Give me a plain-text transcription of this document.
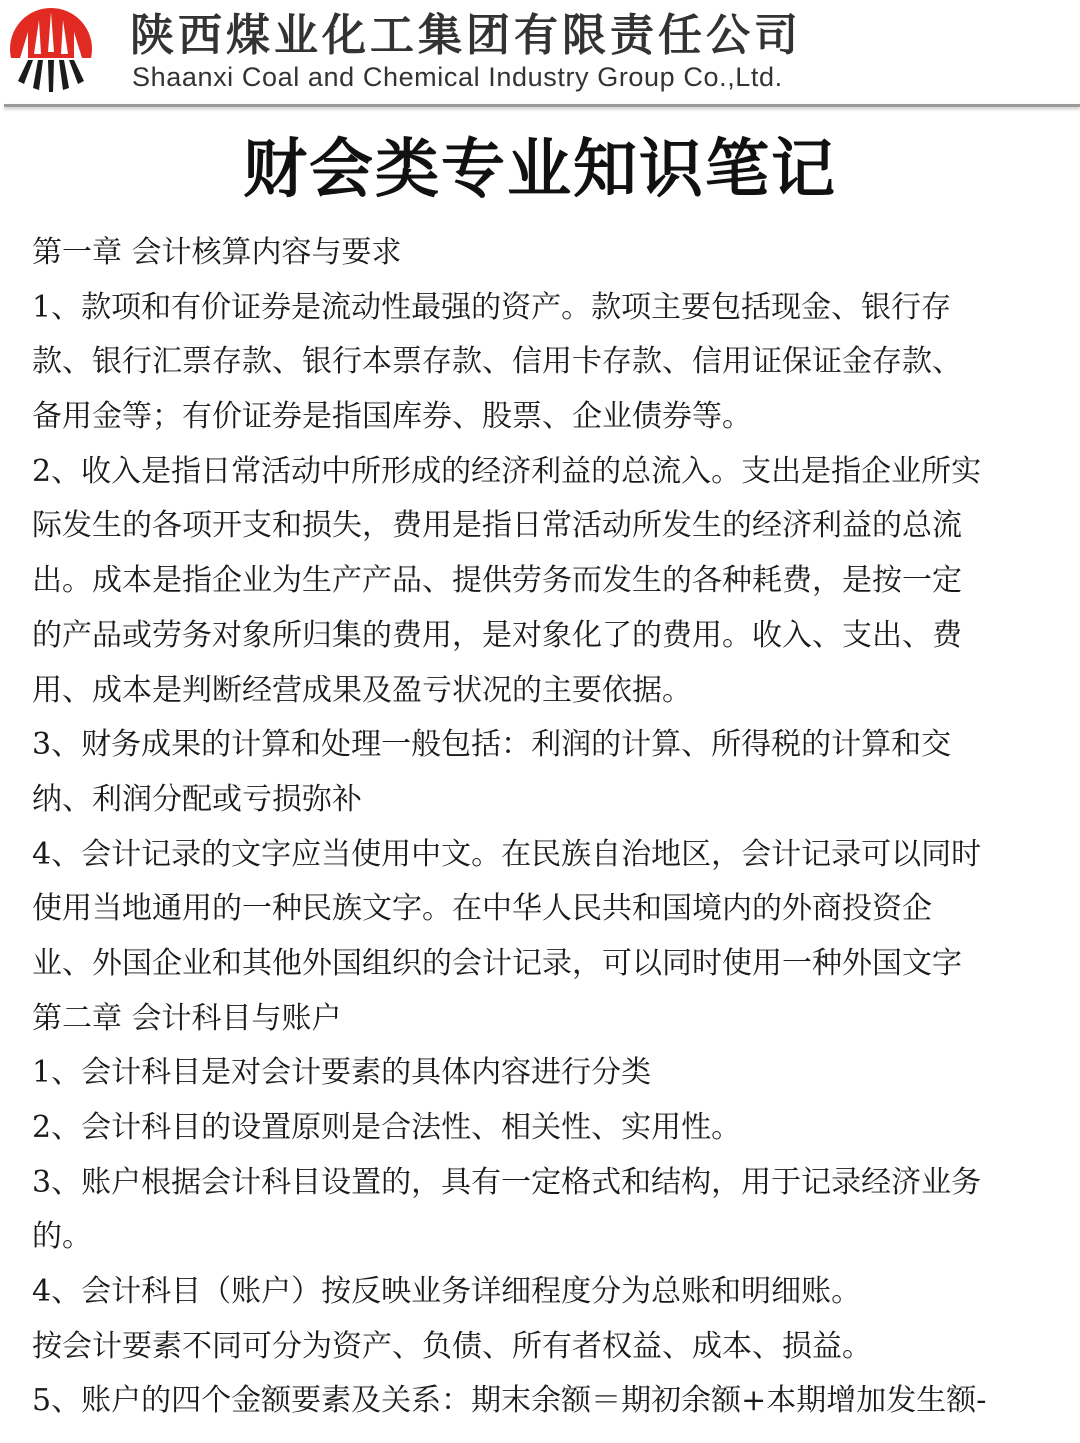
陕西煤业化工集团有限责任公司
Shaanxi Coal and Chemical Industry Group Co.,Ltd.
财会类专业知识笔记
第一章 会计核算内容与要求
1、款项和有价证券是流动性最强的资产。款项主要包括现金、银行存
款、银行汇票存款、银行本票存款、信用卡存款、信用证保证金存款、
备用金等；有价证券是指国库券、股票、企业债券等。
2、收入是指日常活动中所形成的经济利益的总流入。支出是指企业所实
际发生的各项开支和损失，费用是指日常活动所发生的经济利益的总流
出。成本是指企业为生产产品、提供劳务而发生的各种耗费，是按一定
的产品或劳务对象所归集的费用，是对象化了的费用。收入、支出、费
用、成本是判断经营成果及盈亏状况的主要依据。
3、财务成果的计算和处理一般包括：利润的计算、所得税的计算和交
纳、利润分配或亏损弥补
4、会计记录的文字应当使用中文。在民族自治地区，会计记录可以同时
使用当地通用的一种民族文字。在中华人民共和国境内的外商投资企
业、外国企业和其他外国组织的会计记录，可以同时使用一种外国文字
第二章 会计科目与账户
1、会计科目是对会计要素的具体内容进行分类
2、会计科目的设置原则是合法性、相关性、实用性。
3、账户根据会计科目设置的，具有一定格式和结构，用于记录经济业务
的。
4、会计科目（账户）按反映业务详细程度分为总账和明细账。
按会计要素不同可分为资产、负债、所有者权益、成本、损益。
5、账户的四个金额要素及关系：期末余额＝期初余额+本期增加发生额-
